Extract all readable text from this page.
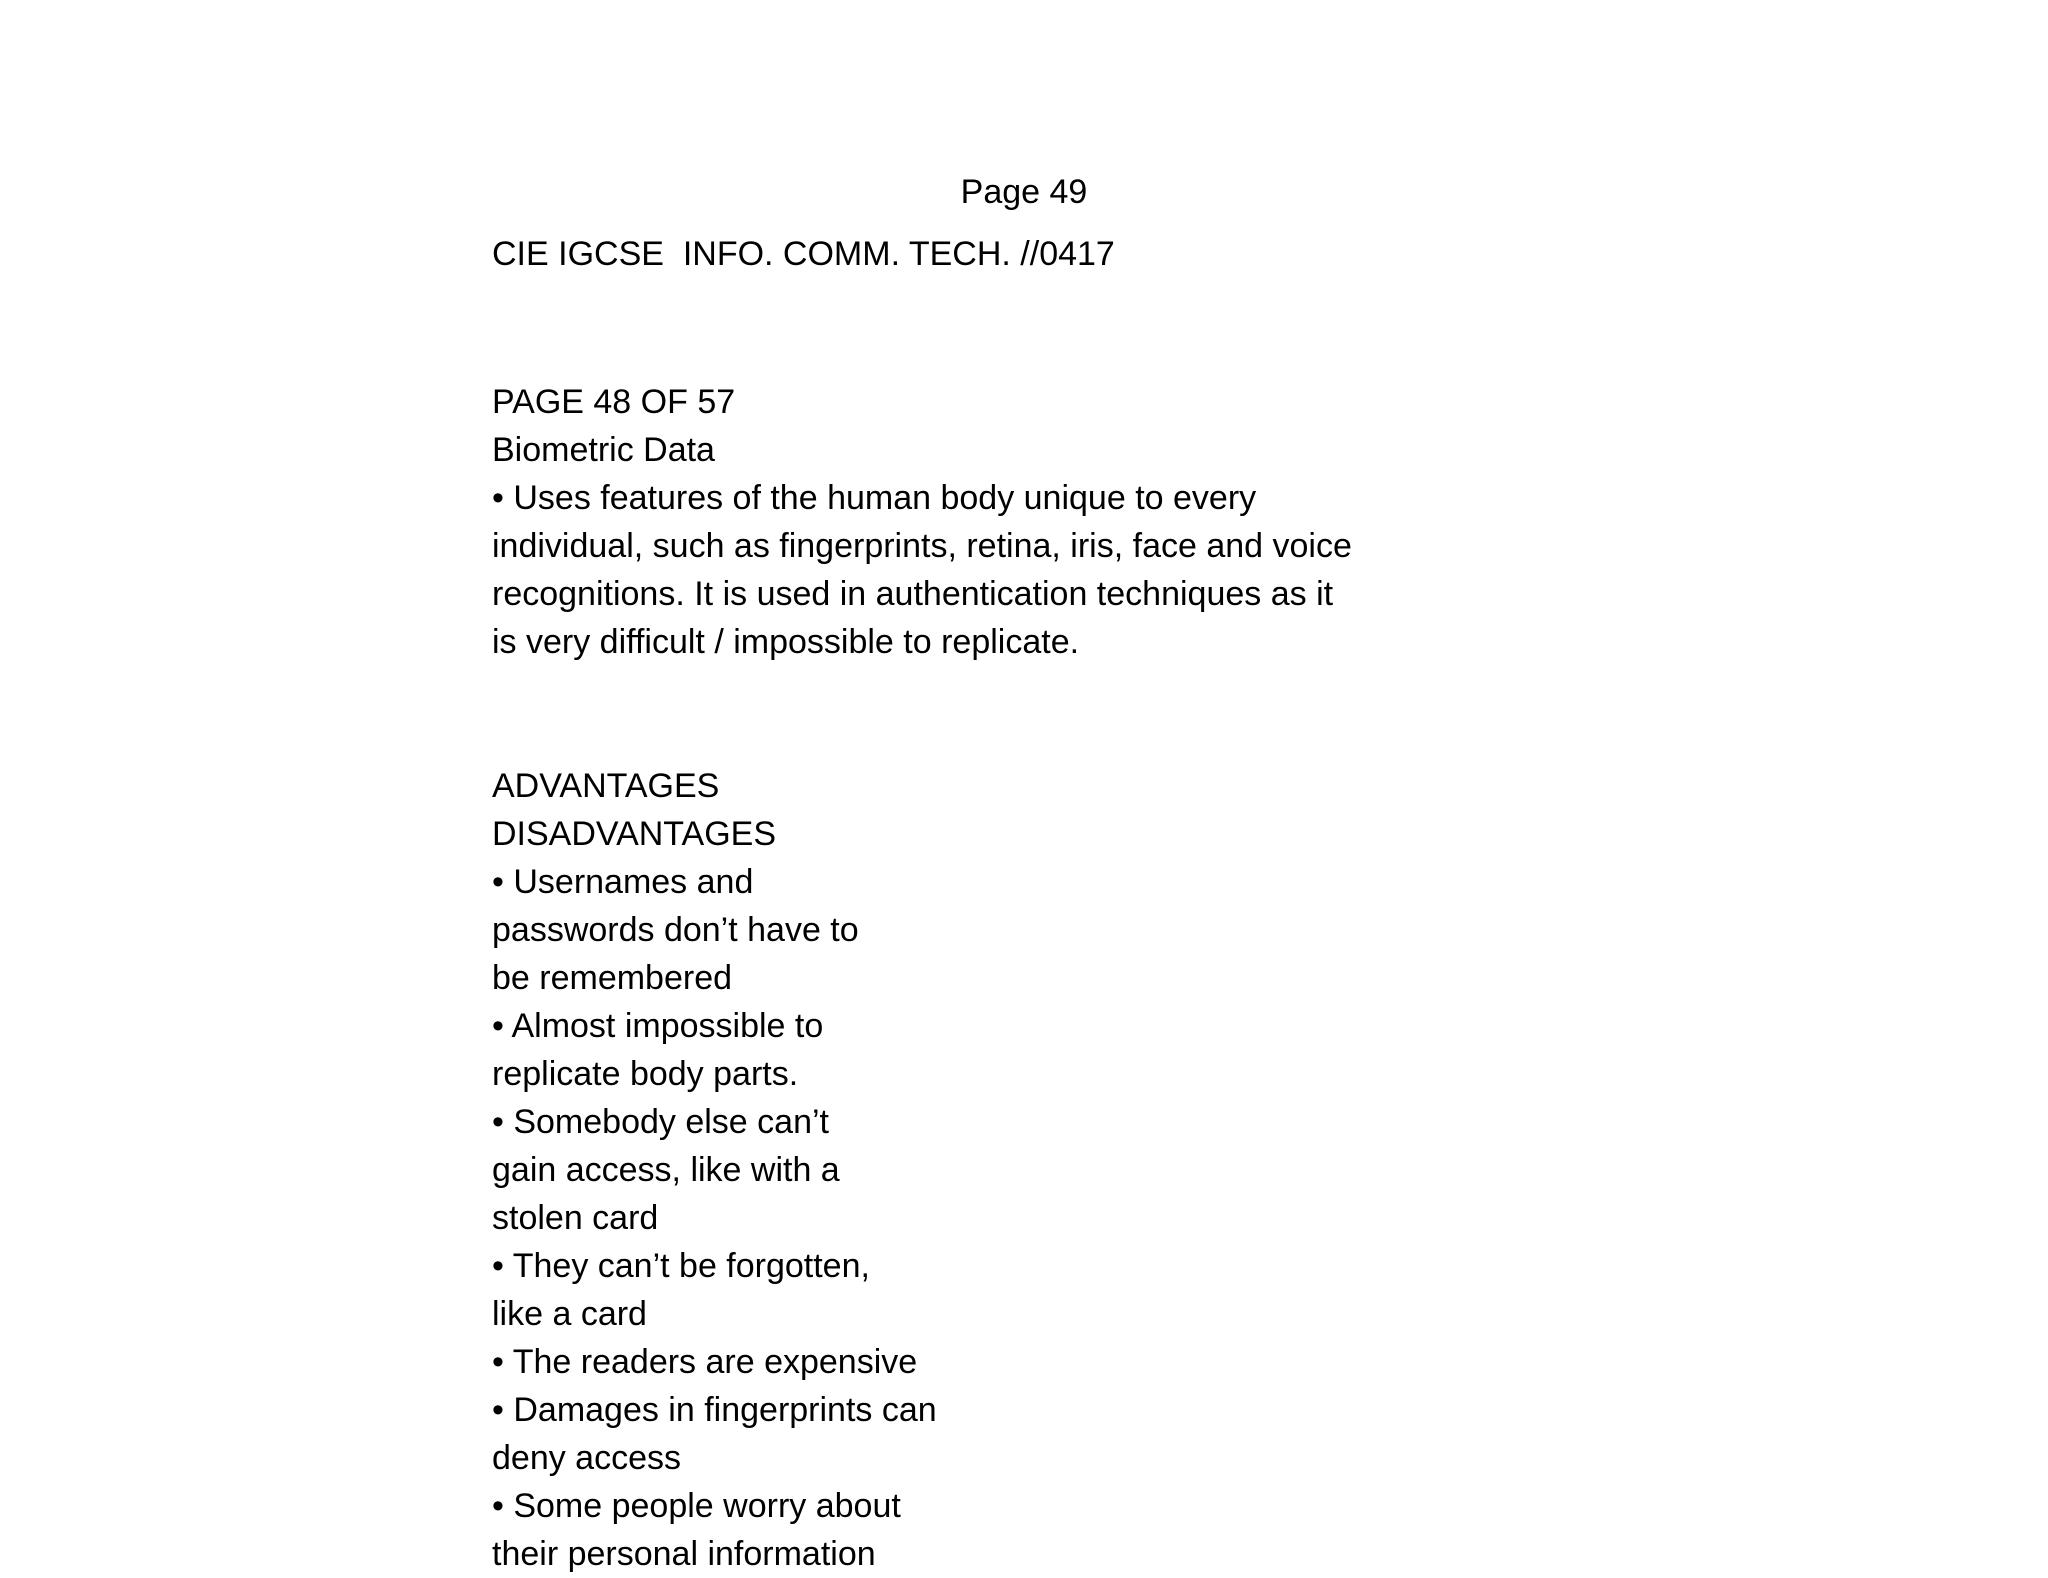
Page 49
CIE IGCSE  INFO. COMM. TECH. //0417
PAGE 48 OF 57
Biometric Data
• Uses features of the human body unique to every
individual, such as fingerprints, retina, iris, face and voice
recognitions. It is used in authentication techniques as it
is very difficult / impossible to replicate.
ADVANTAGES
DISADVANTAGES
• Usernames and
passwords don’t have to
be remembered
• Almost impossible to
replicate body parts.
• Somebody else can’t
gain access, like with a
stolen card
• They can’t be forgotten,
like a card
• The readers are expensive
• Damages in fingerprints can
deny access
• Some people worry about
their personal information
